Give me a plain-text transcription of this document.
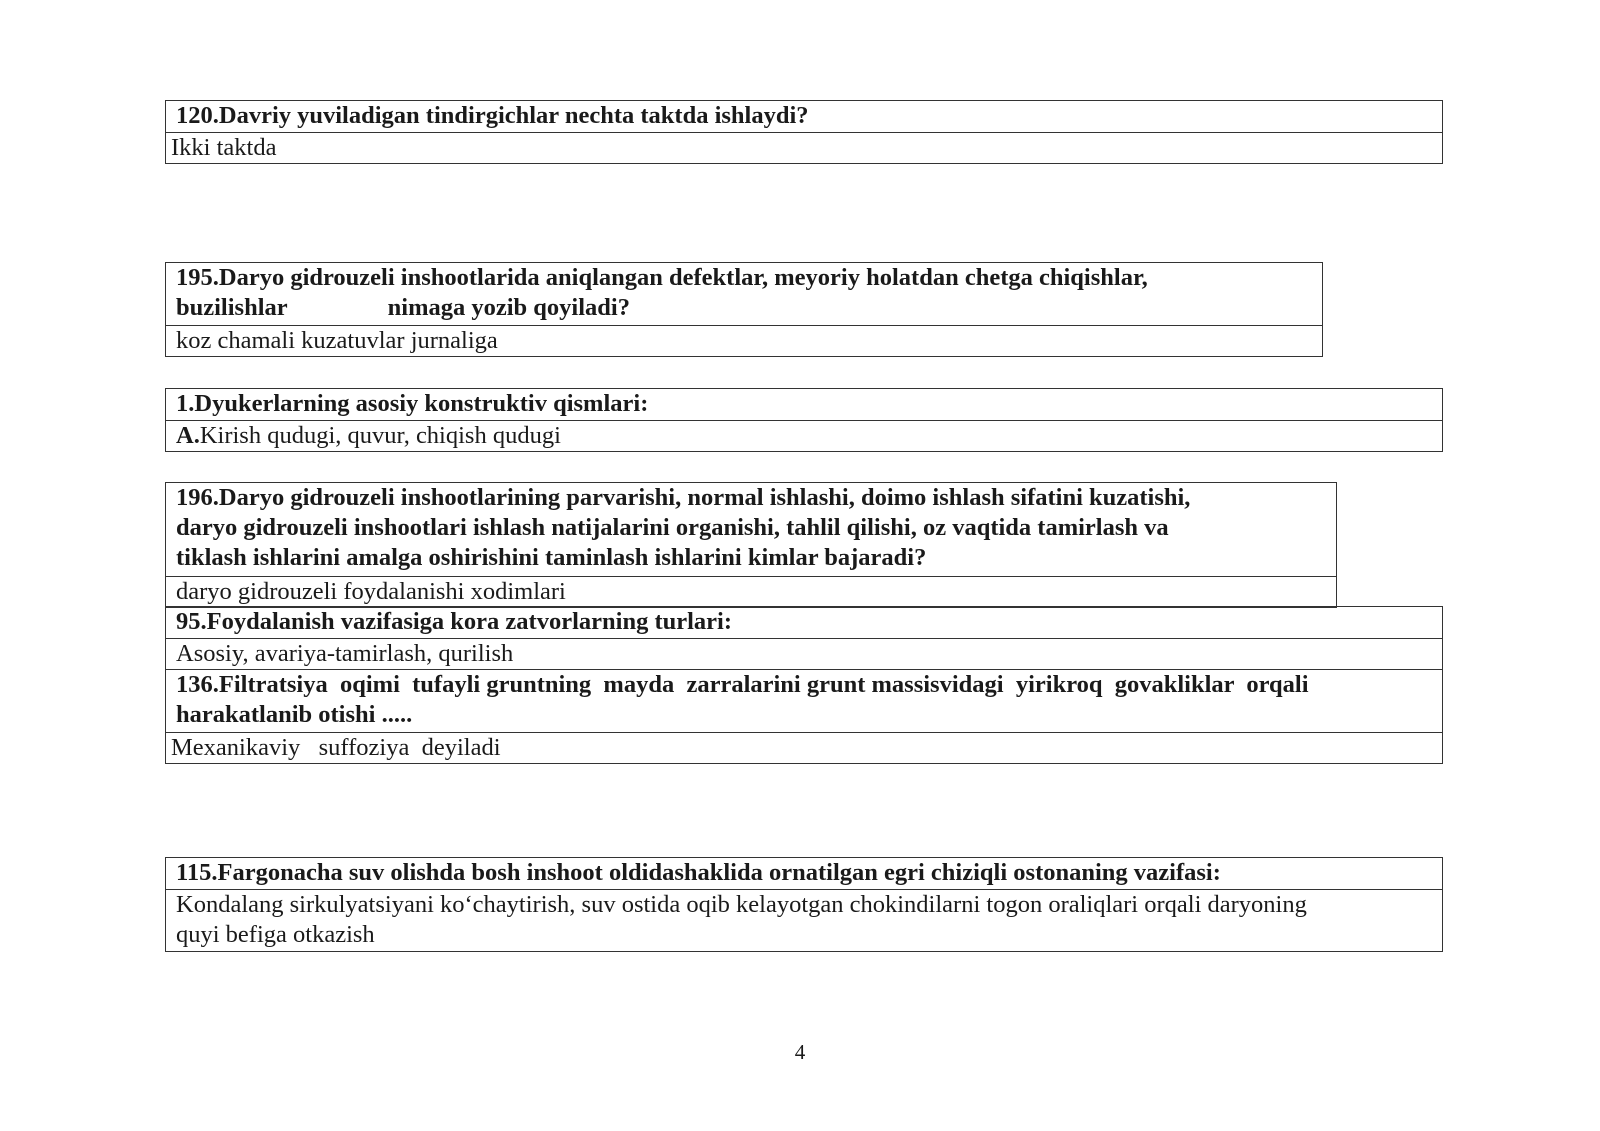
120.Davriy yuviladigan tindirgichlar nechta taktda ishlaydi?
Ikki taktda
195.Daryo gidrouzeli inshootlarida aniqlangan defektlar, meyoriy holatdan chetga chiqishlar,
buzilishlar	nimaga yozib qoyiladi?

koz chamali kuzatuvlar jurnaliga
1.Dyukerlarning asosiy konstruktiv qismlari:
A.Kirish qudugi, quvur, chiqish qudugi
196.Daryo gidrouzeli inshootlarining parvarishi, normal ishlashi, doimo ishlash sifatini kuzatishi,
daryo gidrouzeli inshootlari ishlash natijalarini organishi, tahlil qilishi, oz vaqtida tamirlash va
tiklash ishlarini amalga oshirishini taminlash ishlarini kimlar bajaradi?

daryo gidrouzeli foydalanishi xodimlari
95.Foydalanish vazifasiga kora zatvorlarning turlari:
Asosiy, avariya-tamirlash, qurilish

136.Filtratsiya  oqimi  tufayli gruntning  mayda  zarralarini grunt massisvidagi  yirikroq  govakliklar  orqali
harakatlanib otishi .....

Mexanikaviy   suffoziya  deyiladi
115.Fargonacha suv olishda bosh inshoot oldidashaklida ornatilgan egri chiziqli ostonaning vazifasi:

Kondalang sirkulyatsiyani ko‘chaytirish, suv ostida oqib kelayotgan chokindilarni togon oraliqlari orqali daryoning
quyi befiga otkazish
4
